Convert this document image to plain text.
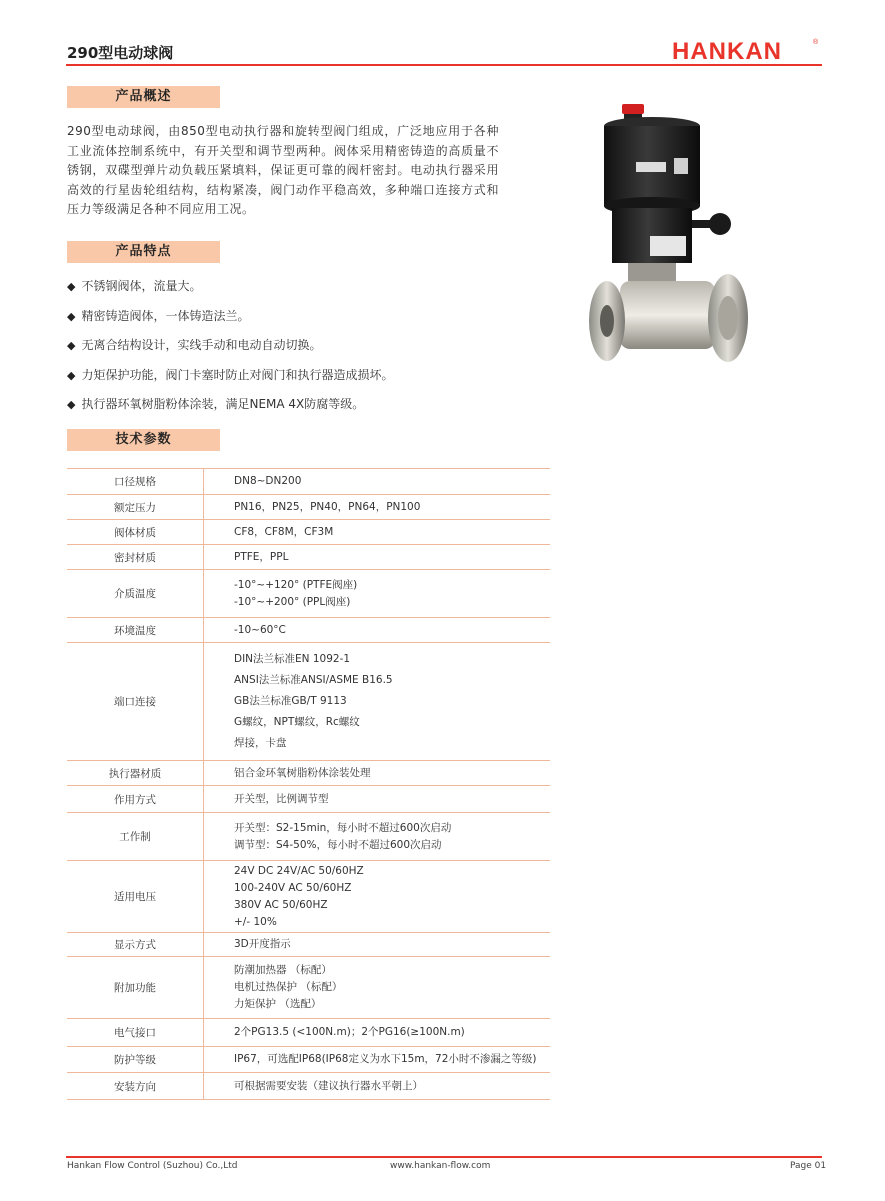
290型电动球阀	HANKAN	®
产品概述
290型电动球阀，由850型电动执行器和旋转型阀门组成，广泛地应用于各种工业流体控制系统中，有开关型和调节型两种。阀体采用精密铸造的高质量不锈钢，双碟型弹片动负载压紧填料，保证更可靠的阀杆密封。电动执行器采用高效的行星齿轮组结构，结构紧凑，阀门动作平稳高效，多种端口连接方式和压力等级满足各种不同应用工况。
产品特点
◆ 不锈钢阀体，流量大。
◆ 精密铸造阀体，一体铸造法兰。
◆ 无离合结构设计，实线手动和电动自动切换。
◆ 力矩保护功能，阀门卡塞时防止对阀门和执行器造成损坏。
◆ 执行器环氧树脂粉体涂装，满足NEMA 4X防腐等级。
技术参数
口径规格	DN8~DN200

额定压力	PN16，PN25，PN40，PN64，PN100

阀体材质	CF8，CF8M，CF3M

密封材质	PTFE，PPL

介质温度	-10°~+120° (PTFE阀座)
-10°~+200° (PPL阀座)

环境温度	-10~60°C

端口连接	DIN法兰标准EN 1092-1
ANSI法兰标准ANSI/ASME B16.5
GB法兰标准GB/T 9113
G螺纹，NPT螺纹，Rc螺纹
焊接，卡盘

执行器材质	铝合金环氧树脂粉体涂装处理

作用方式	开关型，比例调节型

工作制	开关型：S2-15min，每小时不超过600次启动
调节型：S4-50%，每小时不超过600次启动

适用电压	24V DC 24V/AC 50/60HZ
100-240V AC 50/60HZ
380V AC 50/60HZ
+/- 10%

显示方式	3D开度指示

附加功能	防潮加热器 （标配）
电机过热保护 （标配）
力矩保护 （选配）

电气接口	2个PG13.5 (<100N.m)；2个PG16(≥100N.m)

防护等级	IP67，可选配IP68(IP68定义为水下15m，72小时不渗漏之等级)

安装方向	可根据需要安装（建议执行器水平朝上）
Hankan Flow Control (Suzhou) Co.,Ltd	www.hankan-flow.com	Page 01
